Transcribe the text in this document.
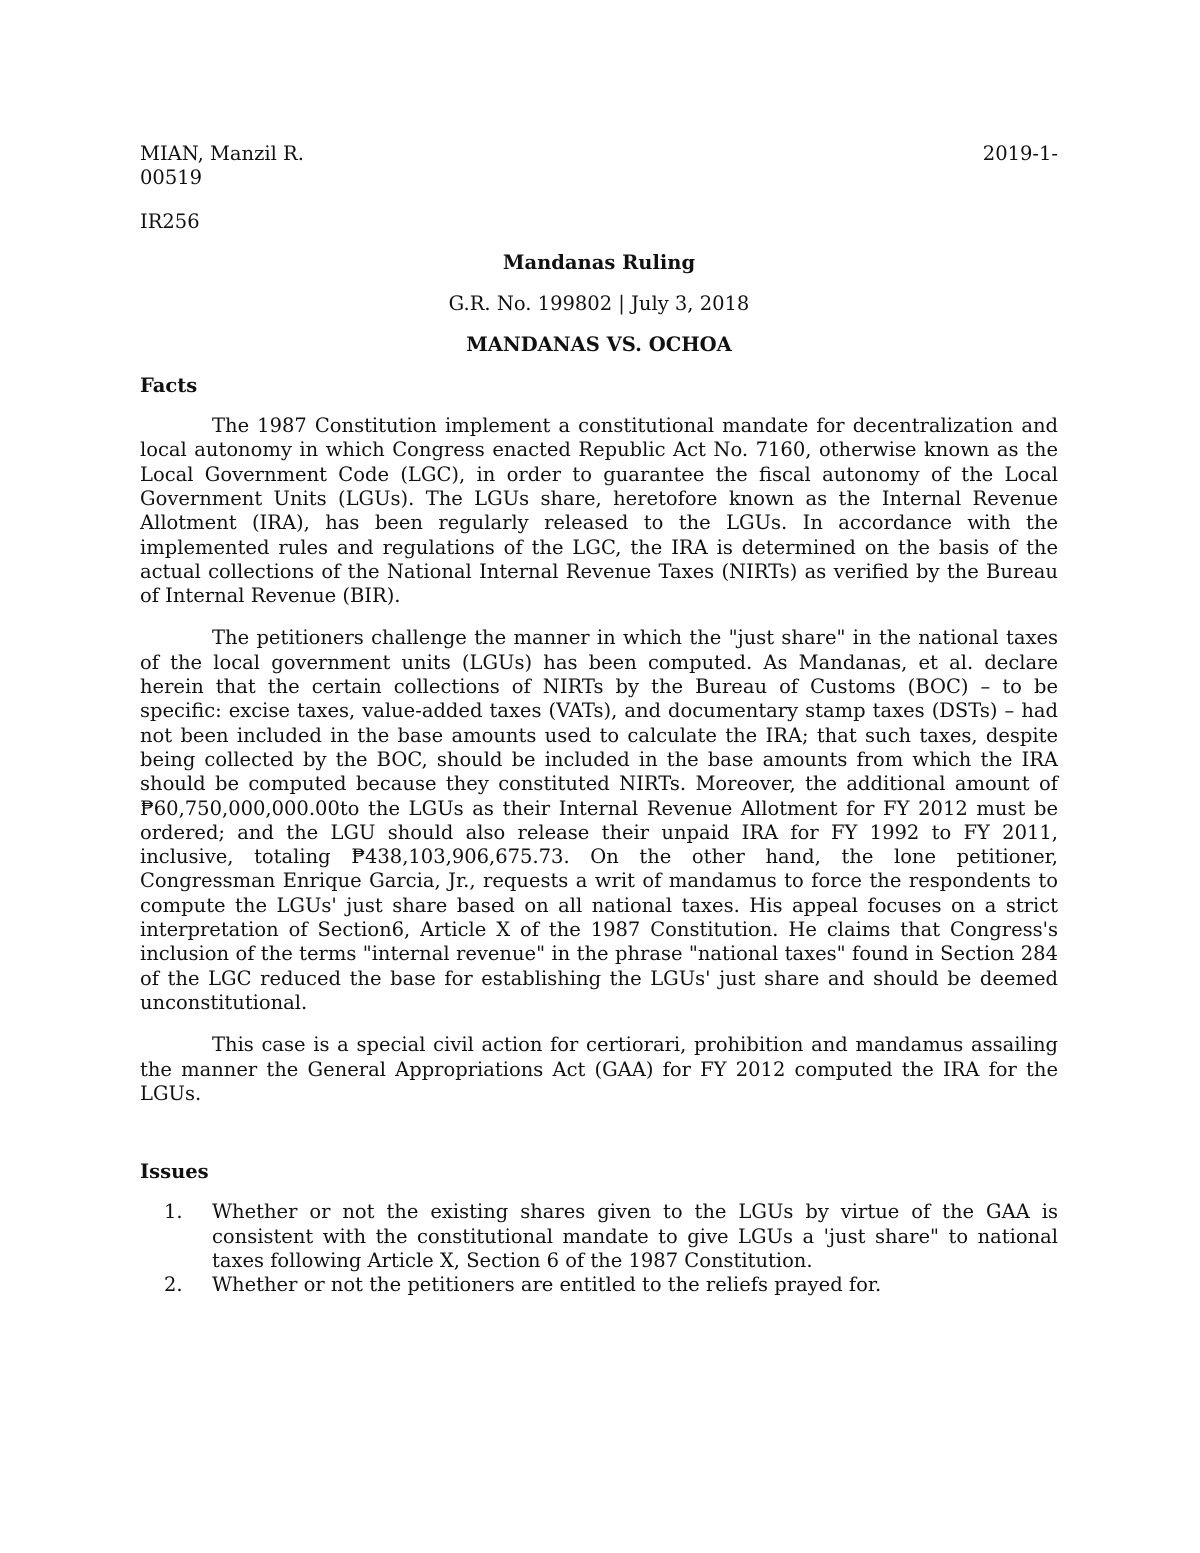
MIAN, Manzil R.	2019-1-
00519
IR256
Mandanas Ruling
G.R. No. 199802 | July 3, 2018
MANDANAS VS. OCHOA
Facts

The 1987 Constitution implement a constitutional mandate for decentralization and local autonomy in which Congress enacted Republic Act No. 7160, otherwise known as the Local Government Code (LGC), in order to guarantee the fiscal autonomy of the Local Government Units (LGUs). The LGUs share, heretofore known as the Internal Revenue Allotment (IRA), has been regularly released to the LGUs. In accordance with the implemented rules and regulations of the LGC, the IRA is determined on the basis of the actual collections of the National Internal Revenue Taxes (NIRTs) as verified by the Bureau of Internal Revenue (BIR).

The petitioners challenge the manner in which the "just share" in the national taxes of the local government units (LGUs) has been computed. As Mandanas, et al. declare herein that the certain collections of NIRTs by the Bureau of Customs (BOC) – to be specific: excise taxes, value-added taxes (VATs), and documentary stamp taxes (DSTs) – had not been included in the base amounts used to calculate the IRA; that such taxes, despite being collected by the BOC, should be included in the base amounts from which the IRA should be computed because they constituted NIRTs. Moreover, the additional amount of ₱60,750,000,000.00to the LGUs as their Internal Revenue Allotment for FY 2012 must be ordered; and the LGU should also release their unpaid IRA for FY 1992 to FY 2011, inclusive, totaling ₱438,103,906,675.73. On the other hand, the lone petitioner, Congressman Enrique Garcia, Jr., requests a writ of mandamus to force the respondents to compute the LGUs' just share based on all national taxes. His appeal focuses on a strict interpretation of Section6, Article X of the 1987 Constitution. He claims that Congress's inclusion of the terms "internal revenue" in the phrase "national taxes" found in Section 284 of the LGC reduced the base for establishing the LGUs' just share and should be deemed unconstitutional.

This case is a special civil action for certiorari, prohibition and mandamus assailing the manner the General Appropriations Act (GAA) for FY 2012 computed the IRA for the LGUs.

Issues
1. Whether or not the existing shares given to the LGUs by virtue of the GAA is consistent with the constitutional mandate to give LGUs a 'just share" to national taxes following Article X, Section 6 of the 1987 Constitution.
2. Whether or not the petitioners are entitled to the reliefs prayed for.
